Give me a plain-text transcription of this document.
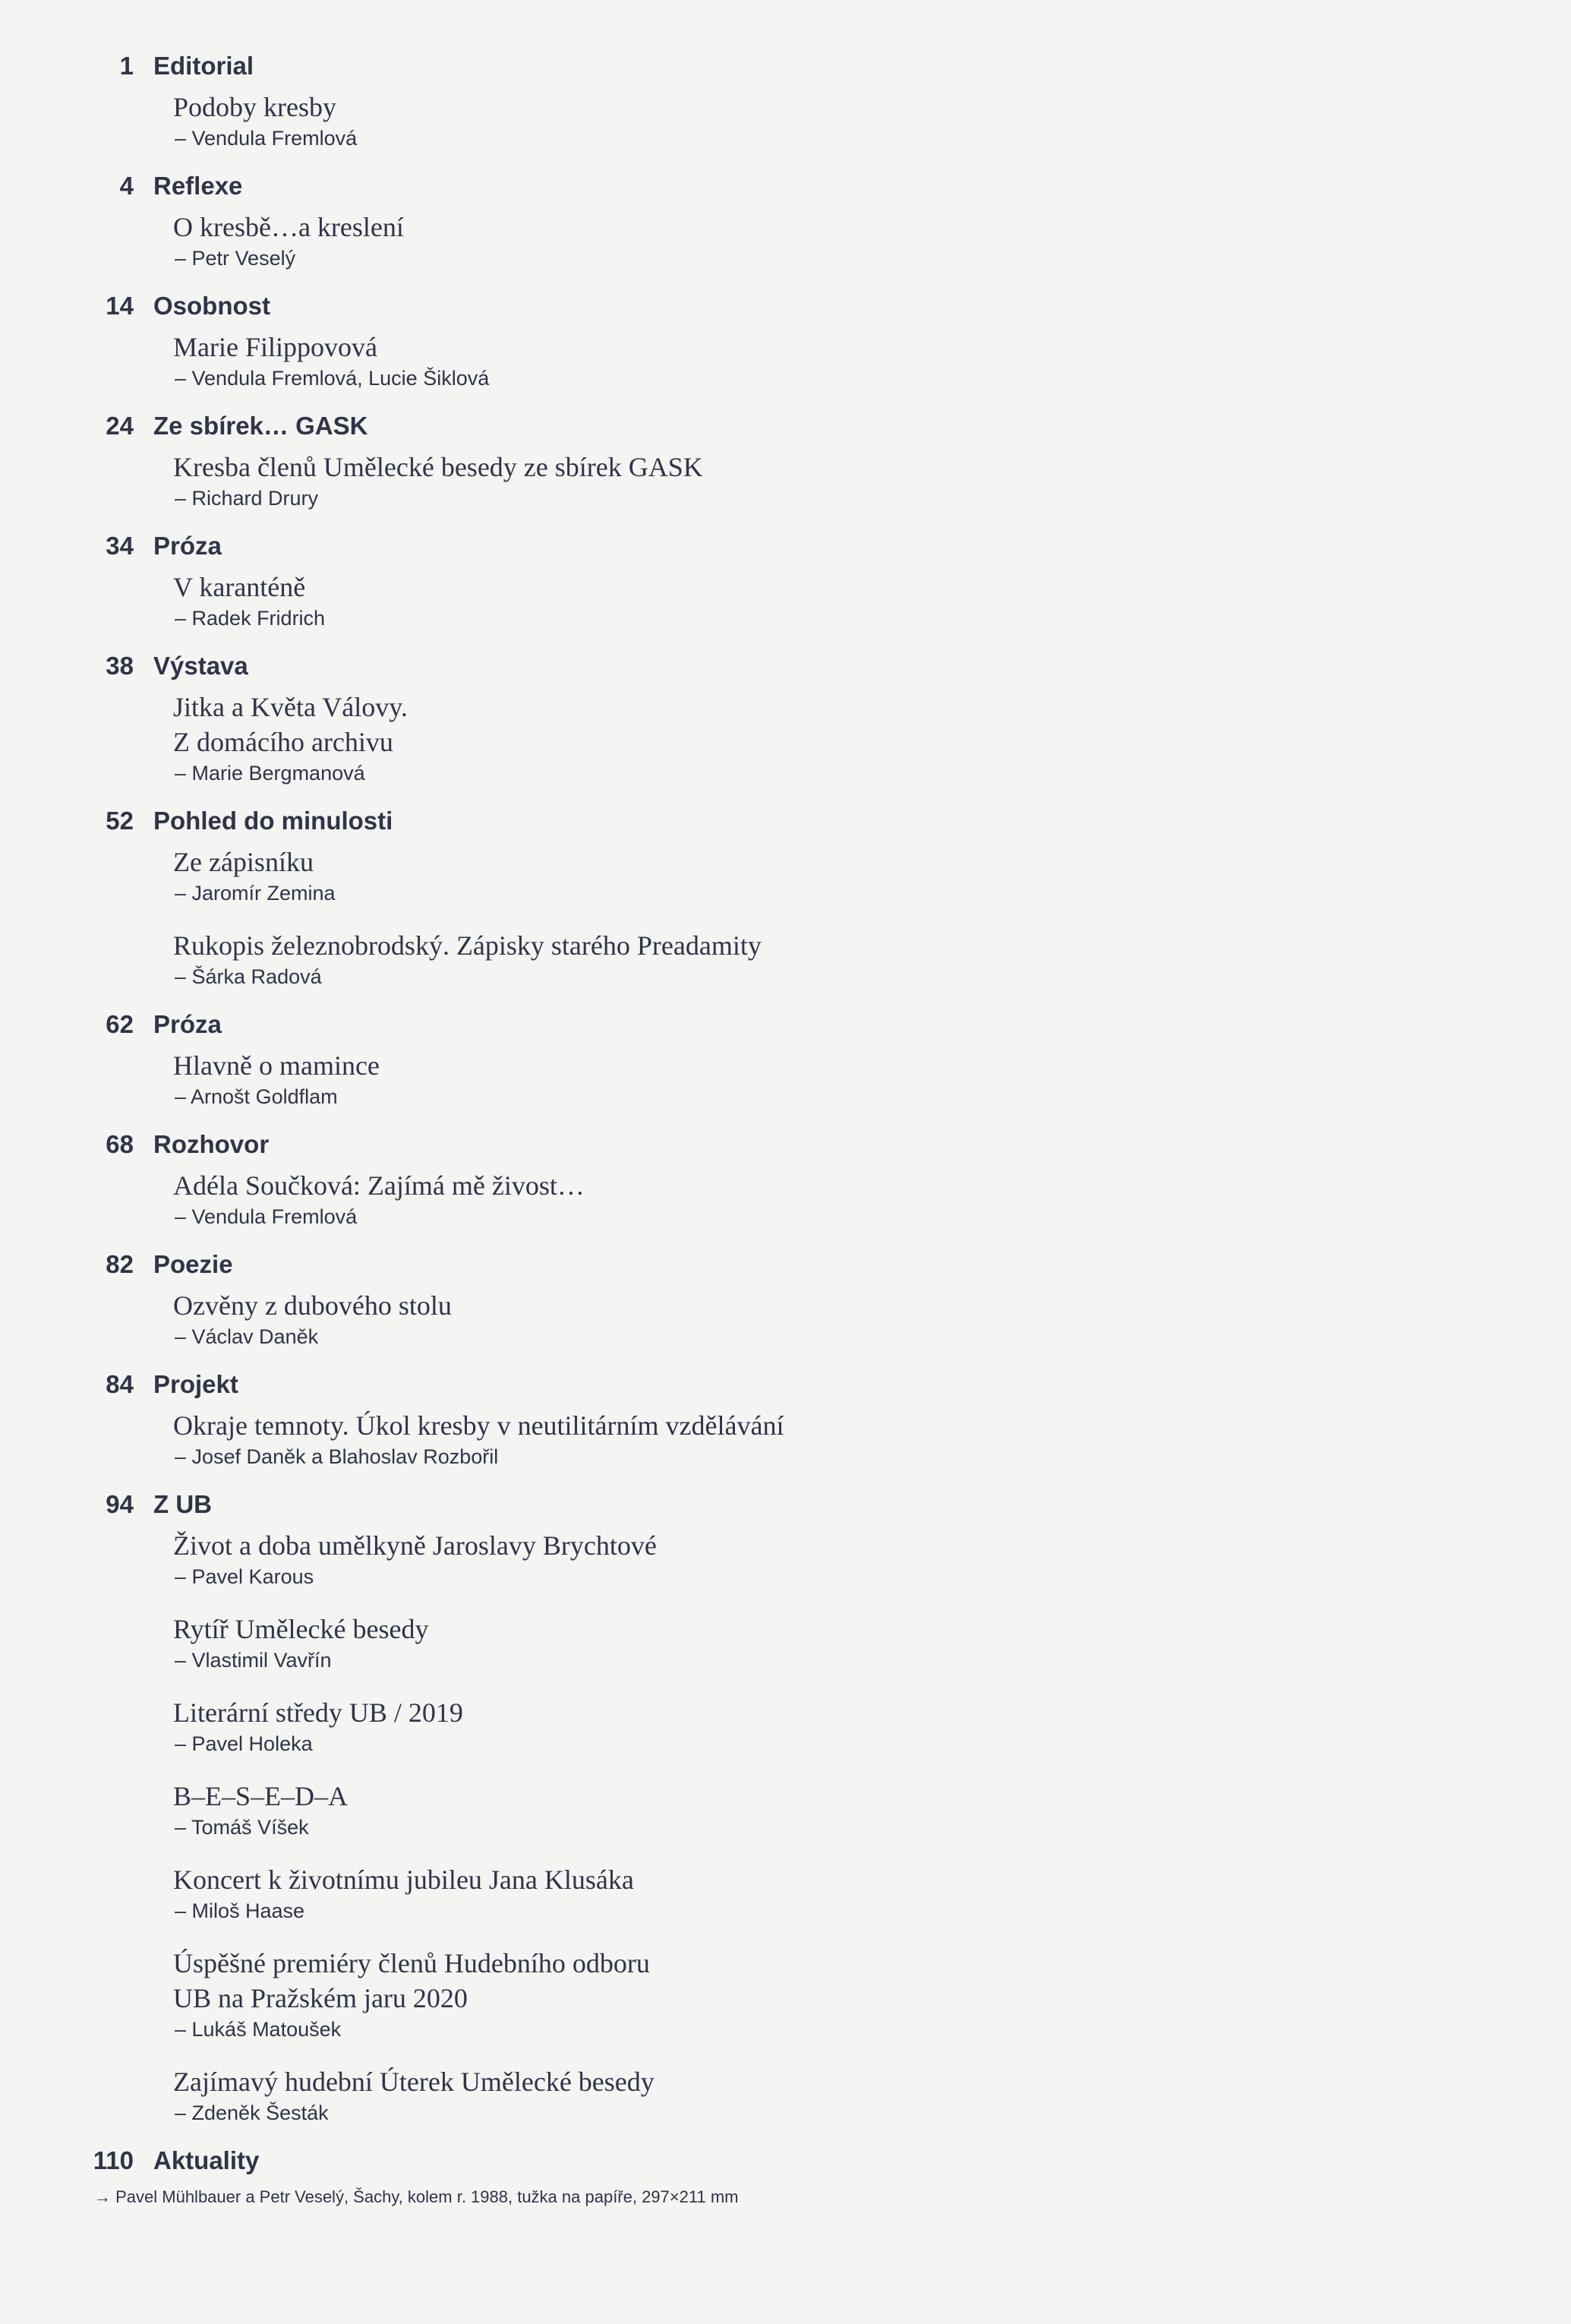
1 Editorial
Podoby kresby
– Vendula Fremlová
4 Reflexe
O kresbě…a kreslení
– Petr Veselý
14 Osobnost
Marie Filippovová
– Vendula Fremlová, Lucie Šiklová
24 Ze sbírek… GASK
Kresba členů Umělecké besedy ze sbírek GASK
– Richard Drury
34 Próza
V karanténě
– Radek Fridrich
38 Výstava
Jitka a Květa Válovy.
Z domácího archivu
– Marie Bergmanová
52 Pohled do minulosti
Ze zápisníku
– Jaromír Zemina
Rukopis železnobrodský. Zápisky starého Preadamity
– Šárka Radová
62 Próza
Hlavně o mamince
– Arnošt Goldflam
68 Rozhovor
Adéla Součková: Zajímá mě živost…
– Vendula Fremlová
82 Poezie
Ozvěny z dubového stolu
– Václav Daněk
84 Projekt
Okraje temnoty. Úkol kresby v neutilitárním vzdělávání
– Josef Daněk a Blahoslav Rozbořil
94 Z UB
Život a doba umělkyně Jaroslavy Brychtové
– Pavel Karous
Rytíř Umělecké besedy
– Vlastimil Vavřín
Literární středy UB / 2019
– Pavel Holeka
B–E–S–E–D–A
– Tomáš Víšek
Koncert k životnímu jubileu Jana Klusáka
– Miloš Haase
Úspěšné premiéry členů Hudebního odboru
UB na Pražském jaru 2020
– Lukáš Matoušek
Zajímavý hudební Úterek Umělecké besedy
– Zdeněk Šesták
110 Aktuality
→ Pavel Mühlbauer a Petr Veselý, Šachy, kolem r. 1988, tužka na papíře, 297×211 mm
